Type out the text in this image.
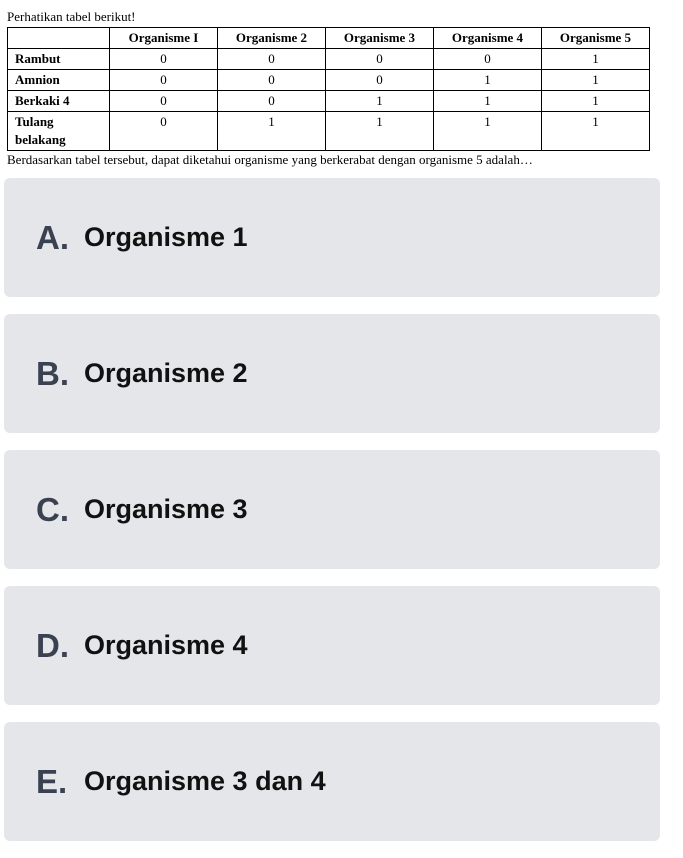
Perhatikan tabel berikut!
	Organisme I	Organisme 2	Organisme 3	Organisme 4	Organisme 5
Rambut	0	0	0	0	1
Amnion	0	0	0	1	1
Berkaki 4	0	0	1	1	1
Tulang belakang	0	1	1	1	1
Berdasarkan tabel tersebut, dapat diketahui organisme yang berkerabat dengan organisme 5 adalah…
A. Organisme 1
B. Organisme 2
C. Organisme 3
D. Organisme 4
E. Organisme 3 dan 4
